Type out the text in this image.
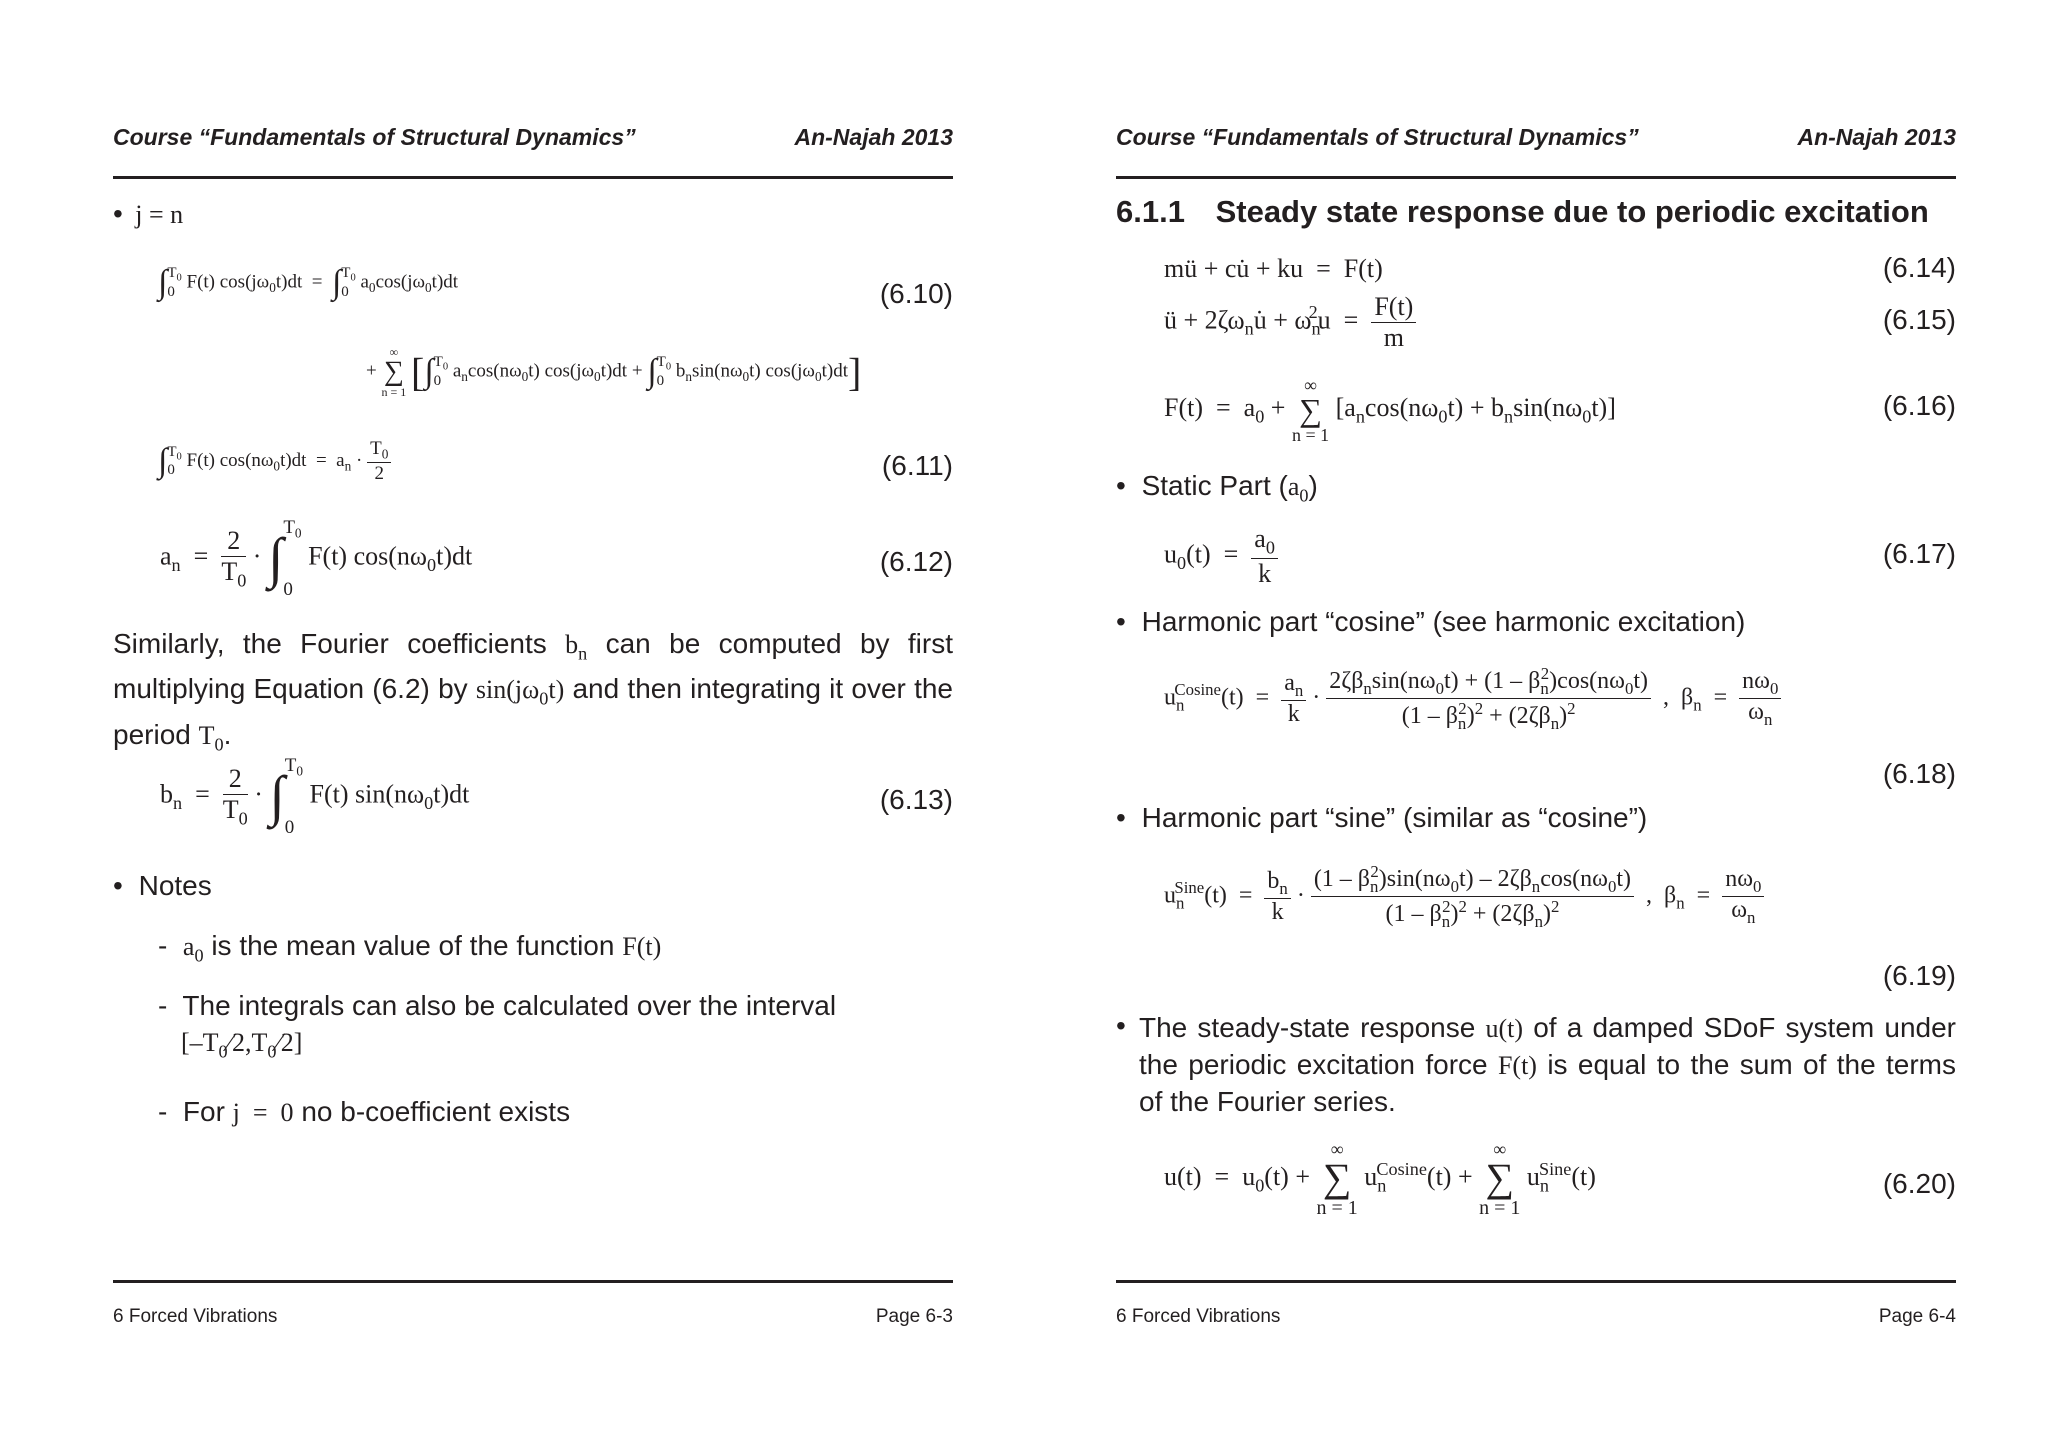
Course “Fundamentals of Structural Dynamics”	An-Najah 2013
• j = n
∫ $T_0$
0 F(t) $\cos(j\omega_0t)dt$  =  ∫ $T_0$
0 $a_0\cos(j\omega_0t)dt$	(6.10)
+
∞
∑
n = 1 [∫ $T_0$
0 $a_n\cos(n\omega_0t) \cos(j\omega_0t)dt$ + ∫ $T_0$
0 $b_n\sin(n\omega_0t)$ $\cos(j\omega_0t)dt$]
∫ $T_0$
0 F(t) $\cos(n\omega_0t)dt = a_n \cdot \frac{T_0}{2}$	(6.11)
$a_n = \frac{2}{T_0}$ · ∫ $T_0$
0
F(t) $\cos(n\omega_0t)dt$	(6.12)
Similarly, the Fourier coefficients $b_n$ can be computed by first multiplying Equation (6.2) by $\sin(j\omega_0t)$ and then integrating it over the period $T_0$.
$b_n = \frac{2}{T_0}$ · ∫ $T_0$
0
F(t) $\sin(n\omega_0t)dt$	(6.13)
• Notes
-  $a_0$ is the mean value of the function F(t)
-  The integrals can also be calculated over the interval
$[-T_0⁄2,T_0⁄2]$
-  For j  =  0 no b-coefficient exists
6 Forced Vibrations	Page 6-3
Course “Fundamentals of Structural Dynamics”	An-Najah 2013
6.1.1 Steady state response due to periodic excitation
mü + cu̇ + ku  =  F(t)	(6.14)
ü + $2\zeta\omega_nu̇ + \omega_n^2u = \frac{F(t)}{m}$	(6.15)
$F(t) = a_0$ +
∞
∑
n = 1
$[a_n\cos(n\omega_0t) + b_n\sin(n\omega_0t)]$	(6.16)
• Static Part $(a_0)$
$u_0(t) = \frac{a_0}{k}$	(6.17)
• Harmonic part “cosine” (see harmonic excitation)
$u_n^{Cosine}(t) = \frac{a_n}{k} \cdot \frac{2\zeta\beta_n\sin(n\omega_0t) + (1 - \beta_n^2)\cos(n\omega_0t)}{(1 - \beta_n^2)^2 + (2\zeta\beta_n)^2}$ ,  $\beta_n = \frac{n\omega_0}{\omega_n}$
(6.18)
• Harmonic part “sine” (similar as “cosine”)
$u_n^{Sine}(t) = \frac{b_n}{k} \cdot \frac{(1 - \beta_n^2)\sin(n\omega_0t) - 2\zeta\beta_n\cos(n\omega_0t)}{(1 - \beta_n^2)^2 + (2\zeta\beta_n)^2}$ ,  $\beta_n = \frac{n\omega_0}{\omega_n}$
(6.19)
• The steady-state response u(t) of a damped SDoF system under the periodic excitation force F(t) is equal to the sum of the terms of the Fourier series.
$u(t) = u_0(t)$ +
∞
∑
n = 1
$u_n^{Cosine}(t)$ +
∞
∑
n = 1
$u_n^{Sine}(t)$	(6.20)
6 Forced Vibrations	Page 6-4
